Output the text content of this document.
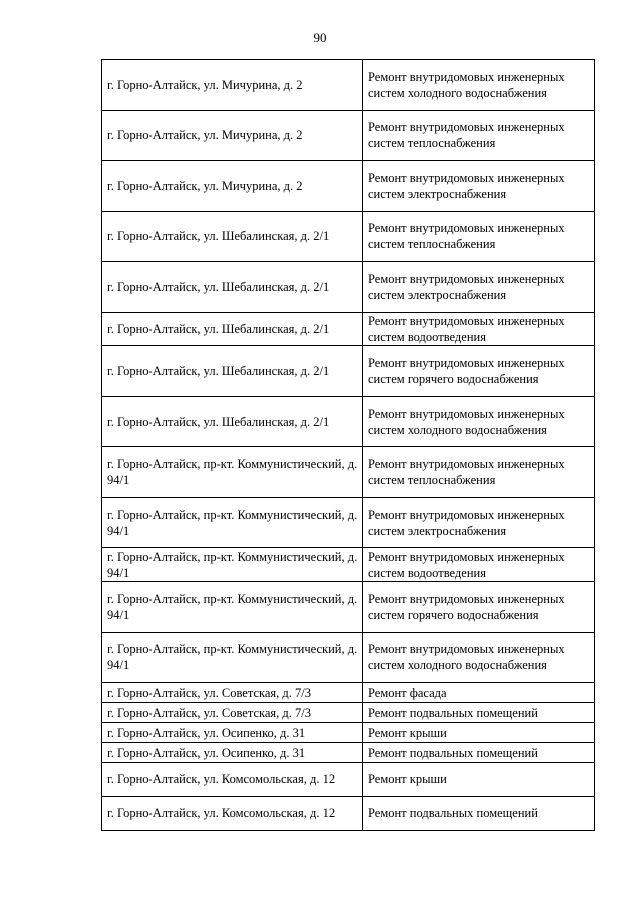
90
г. Горно-Алтайск, ул. Мичурина, д. 2	Ремонт внутридомовых инженерных систем холодного водоснабжения
г. Горно-Алтайск, ул. Мичурина, д. 2	Ремонт внутридомовых инженерных систем теплоснабжения
г. Горно-Алтайск, ул. Мичурина, д. 2	Ремонт внутридомовых инженерных систем электроснабжения
г. Горно-Алтайск, ул. Шебалинская, д. 2/1	Ремонт внутридомовых инженерных систем теплоснабжения
г. Горно-Алтайск, ул. Шебалинская, д. 2/1	Ремонт внутридомовых инженерных систем электроснабжения
г. Горно-Алтайск, ул. Шебалинская, д. 2/1	Ремонт внутридомовых инженерных систем водоотведения
г. Горно-Алтайск, ул. Шебалинская, д. 2/1	Ремонт внутридомовых инженерных систем горячего водоснабжения
г. Горно-Алтайск, ул. Шебалинская, д. 2/1	Ремонт внутридомовых инженерных систем холодного водоснабжения
г. Горно-Алтайск, пр-кт. Коммунистический, д. 94/1	Ремонт внутридомовых инженерных систем теплоснабжения
г. Горно-Алтайск, пр-кт. Коммунистический, д. 94/1	Ремонт внутридомовых инженерных систем электроснабжения
г. Горно-Алтайск, пр-кт. Коммунистический, д. 94/1	Ремонт внутридомовых инженерных систем водоотведения
г. Горно-Алтайск, пр-кт. Коммунистический, д. 94/1	Ремонт внутридомовых инженерных систем горячего водоснабжения
г. Горно-Алтайск, пр-кт. Коммунистический, д. 94/1	Ремонт внутридомовых инженерных систем холодного водоснабжения
г. Горно-Алтайск, ул. Советская, д. 7/3	Ремонт фасада
г. Горно-Алтайск, ул. Советская, д. 7/3	Ремонт подвальных помещений
г. Горно-Алтайск, ул. Осипенко, д. 31	Ремонт крыши
г. Горно-Алтайск, ул. Осипенко, д. 31	Ремонт подвальных помещений
г. Горно-Алтайск, ул. Комсомольская, д. 12	Ремонт крыши
г. Горно-Алтайск, ул. Комсомольская, д. 12	Ремонт подвальных помещений
